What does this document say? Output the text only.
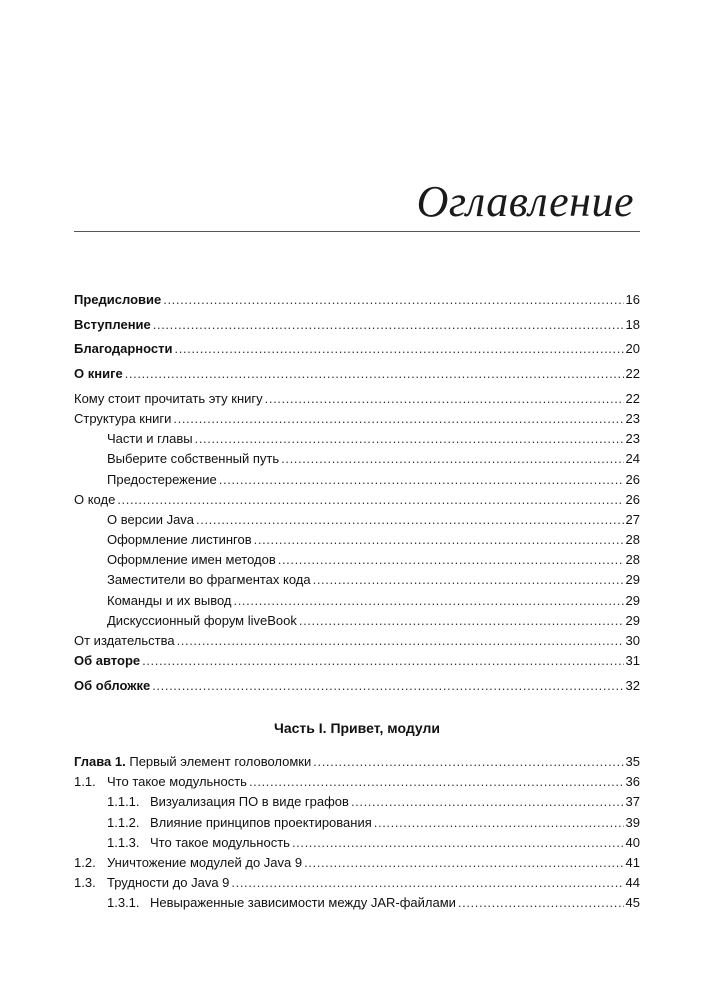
Оглавление
Предисловие .....	16
Вступление .....	18
Благодарности .....	20
О книге .....	22
Кому стоит прочитать эту книгу .....	22
Структура книги .....	23
Части и главы .....	23
Выберите собственный путь .....	24
Предостережение .....	26
О коде .....	26
О версии Java .....	27
Оформление листингов .....	28
Оформление имен методов .....	28
Заместители во фрагментах кода .....	29
Команды и их вывод .....	29
Дискуссионный форум liveBook .....	29
От издательства .....	30
Об авторе .....	31
Об обложке .....	32
Часть I. Привет, модули
Глава 1. Первый элемент головоломки .....	35
1.1. Что такое модульность .....	36
1.1.1. Визуализация ПО в виде графов .....	37
1.1.2. Влияние принципов проектирования .....	39
1.1.3. Что такое модульность .....	40
1.2. Уничтожение модулей до Java 9 .....	41
1.3. Трудности до Java 9 .....	44
1.3.1. Невыраженные зависимости между JAR-файлами .....	45
